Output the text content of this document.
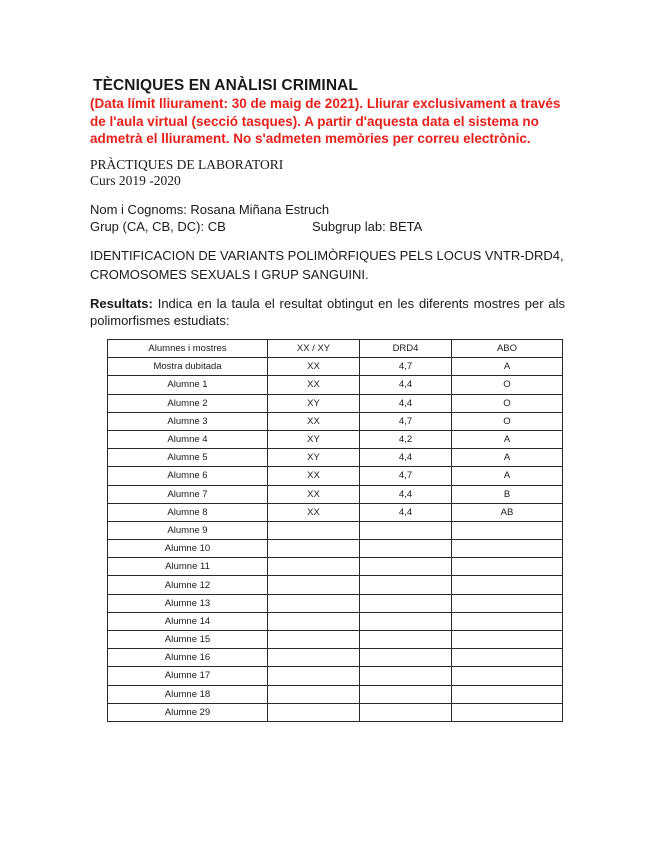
TÈCNIQUES EN ANÀLISI CRIMINAL
(Data límit lliurament: 30 de maig de 2021). Lliurar exclusivament a través de l'aula virtual (secció tasques). A partir d'aquesta data el sistema no admetrà el lliurament. No s'admeten memòries per correu electrònic.
PRÀCTIQUES DE LABORATORI
Curs 2019 -2020
Nom i Cognoms: Rosana Miñana Estruch
Grup (CA, CB, DC): CB	Subgrup lab: BETA
IDENTIFICACION DE VARIANTS POLIMÒRFIQUES PELS LOCUS VNTR-DRD4, CROMOSOMES SEXUALS I GRUP SANGUINI.
Resultats: Indica en la taula el resultat obtingut en les diferents mostres per als polimorfismes estudiats:
Alumnes i mostres	XX / XY	DRD4	ABO
Mostra dubitada	XX	4,7	A
Alumne 1	XX	4,4	O
Alumne 2	XY	4,4	O
Alumne 3	XX	4,7	O
Alumne 4	XY	4,2	A
Alumne 5	XY	4,4	A
Alumne 6	XX	4,7	A
Alumne 7	XX	4,4	B
Alumne 8	XX	4,4	AB
Alumne 9			
Alumne 10			
Alumne 11			
Alumne 12			
Alumne 13			
Alumne 14			
Alumne 15			
Alumne 16			
Alumne 17			
Alumne 18			
Alumne 29			
